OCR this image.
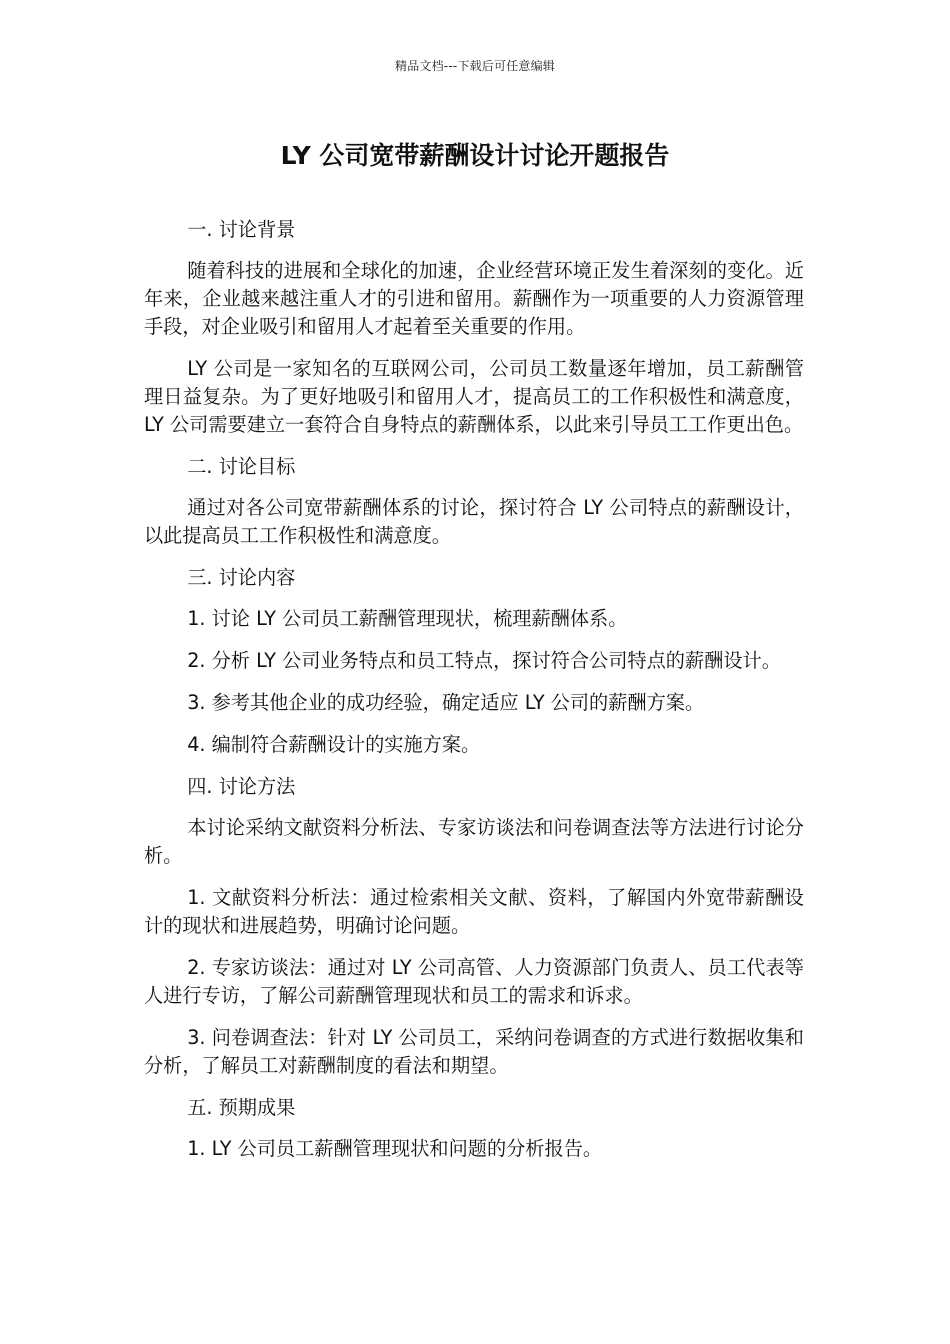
精品文档---下载后可任意编辑
LY 公司宽带薪酬设计讨论开题报告

一. 讨论背景

随着科技的进展和全球化的加速，企业经营环境正发生着深刻的变化。近年来，企业越来越注重人才的引进和留用。薪酬作为一项重要的人力资源管理手段，对企业吸引和留用人才起着至关重要的作用。

LY 公司是一家知名的互联网公司，公司员工数量逐年增加，员工薪酬管理日益复杂。为了更好地吸引和留用人才，提高员工的工作积极性和满意度，LY 公司需要建立一套符合自身特点的薪酬体系，以此来引导员工工作更出色。

二. 讨论目标

通过对各公司宽带薪酬体系的讨论，探讨符合 LY 公司特点的薪酬设计，以此提高员工工作积极性和满意度。

三. 讨论内容

1. 讨论 LY 公司员工薪酬管理现状，梳理薪酬体系。

2. 分析 LY 公司业务特点和员工特点，探讨符合公司特点的薪酬设计。

3. 参考其他企业的成功经验，确定适应 LY 公司的薪酬方案。

4. 编制符合薪酬设计的实施方案。

四. 讨论方法

本讨论采纳文献资料分析法、专家访谈法和问卷调查法等方法进行讨论分析。

1. 文献资料分析法：通过检索相关文献、资料，了解国内外宽带薪酬设计的现状和进展趋势，明确讨论问题。

2. 专家访谈法：通过对 LY 公司高管、人力资源部门负责人、员工代表等人进行专访，了解公司薪酬管理现状和员工的需求和诉求。

3. 问卷调查法：针对 LY 公司员工，采纳问卷调查的方式进行数据收集和分析，了解员工对薪酬制度的看法和期望。

五. 预期成果

1. LY 公司员工薪酬管理现状和问题的分析报告。
